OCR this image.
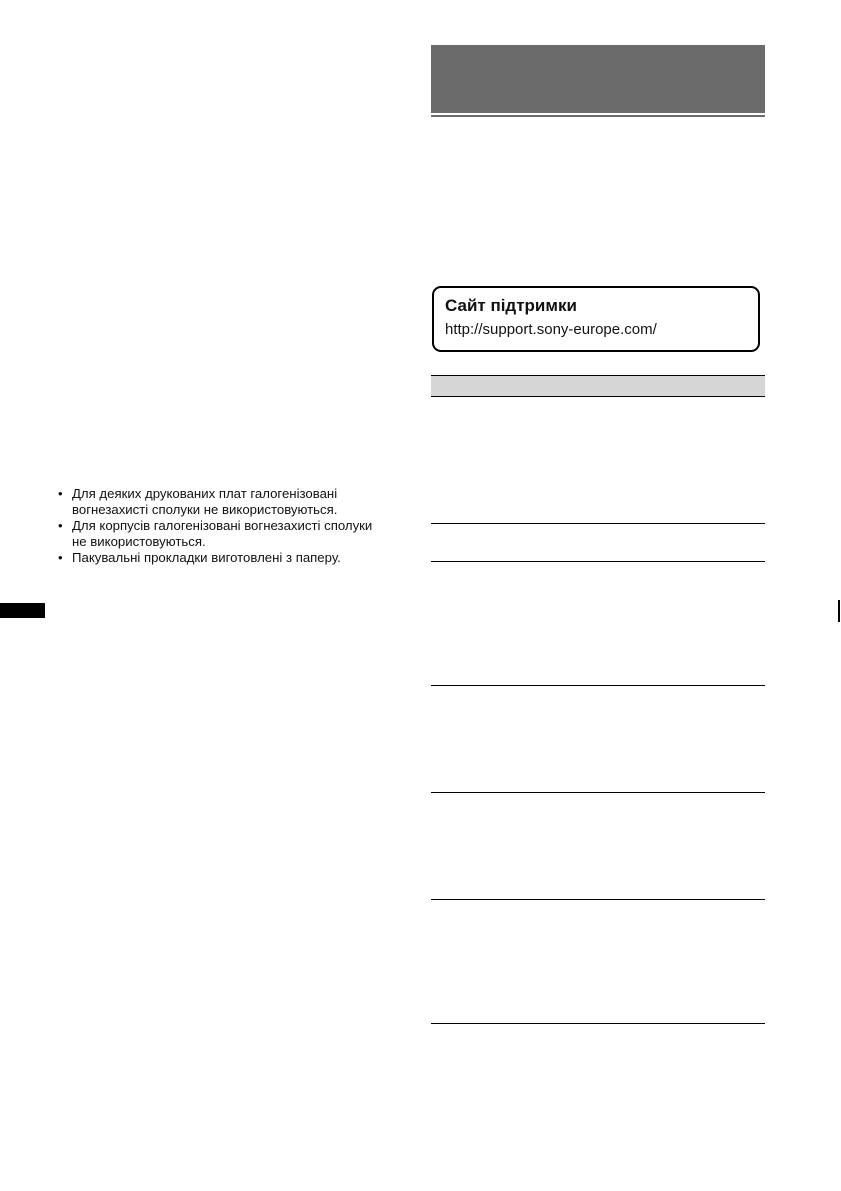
• Для деяких друкованих плат галогенізовані вогнезахисті сполуки не використовуються.
• Для корпусів галогенізовані вогнезахисті сполуки не використовуються.
• Пакувальні прокладки виготовлені з паперу.
Сайт підтримки
http://support.sony-europe.com/
